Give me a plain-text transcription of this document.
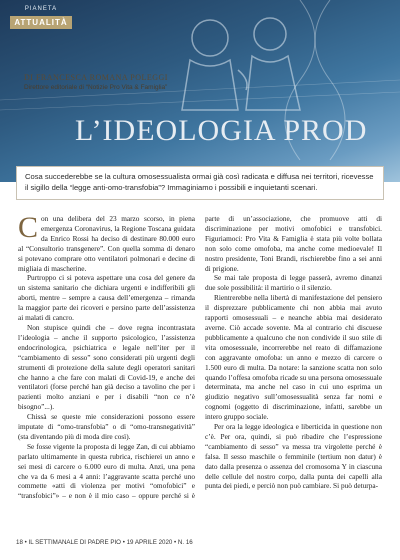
PIANETA
ATTUALITÀ
DI FRANCESCA ROMANA POLEGGI
Direttore editoriale di “Notizie Pro Vita & Famiglia”
L’IDEOLOGIA PROD
Cosa succederebbe se la cultura omosessualista ormai già così radicata e diffusa nei territori, ricevesse il sigillo della “legge anti-omo-transfobia”? Immaginiamo i possibili e inquietanti scenari.

Con una delibera del 23 marzo scorso, in piena emergenza Coronavirus, la Regione Toscana guidata da Enrico Rossi ha deciso di destinare 80.000 euro al “Consultorio transgenere”. Con quella somma di denaro si potevano comprare otto ventilatori polmonari e decine di migliaia di mascherine.

Purtroppo ci si poteva aspettare una cosa del genere da un sistema sanitario che dichiara urgenti e indifferibili gli aborti, mentre – sempre a causa dell’emergenza – rimanda la maggior parte dei ricoveri e persino parte dell’assistenza ai malati di cancro.

Non stupisce quindi che – dove regna incontrastata l’ideologia – anche il supporto psicologico, l’assistenza endocrinologica, psichiatrica e legale nell’iter per il “cambiamento di sesso” sono considerati più urgenti degli strumenti di protezione della salute degli operatori sanitari che hanno a che fare con malati di Covid-19, e anche dei ventilatori (forse perché han già deciso a tavolino che per i pazienti molto anziani e per i disabili “non ce n’è bisogno”...).

Chissà se queste mie considerazioni possono essere imputate di “omo-transfobia” o di “omo-transnegatività” (sta diventando più di moda dire così).

Se fosse vigente la proposta di legge Zan, di cui abbiamo parlato ultimamente in questa rubrica, rischierei un anno e sei mesi di carcere o 6.000 euro di multa. Anzi, una pena che va da 6 mesi a 4 anni: l’aggravante scatta perché uno commette «atti di violenza per motivi “omofobici” e “transfobici”» – e non è il mio caso – oppure perché si è parte di un’associazione, che promuove atti di discriminazione per motivi omofobici e transfobici. Figuriamoci: Pro Vita & Famiglia è stata più volte bollata non solo come omofoba, ma anche come medioevale! Il nostro presidente, Toni Brandi, rischierebbe fino a sei anni di prigione.

Se mai tale proposta di legge passerà, avremo dinanzi due sole possibilità: il martirio o il silenzio.

Rientrerebbe nella libertà di manifestazione del pensiero il disprezzare pubblicamente chi non abbia mai avuto rapporti omosessuali – e neanche abbia mai desiderato averne. Ciò accade sovente. Ma al contrario chi discuese pubblicamente a qualcuno che non condivide il suo stile di vita omosessuale, incorrerebbe nel reato di diffamazione con aggravante omofoba: un anno e mezzo di carcere o 1.500 euro di multa. Da notare: la sanzione scatta non solo quando l’offesa omofoba ricade su una persona omosessuale determinata, ma anche nel caso in cui uno esprima un giudizio negativo sull’omosessualità senza far nomi e cognomi (oggetto di discriminazione, infatti, sarebbe un intero gruppo sociale.

Per ora la legge ideologica e liberticida in questione non c’è. Per ora, quindi, si può ribadire che l’espressione “cambiamento di sesso” va messa tra virgolette perché è falsa. Il sesso maschile o femminile (tertium non datur) è dato dalla presenza o assenza del cromosoma Y in ciascuna delle cellule del nostro corpo, dalla punta dei capelli alla punta dei piedi, e perciò non può cambiare. Si può deturpa-

18 • IL SETTIMANALE DI PADRE PIO • 19 APRILE 2020 • N. 16
